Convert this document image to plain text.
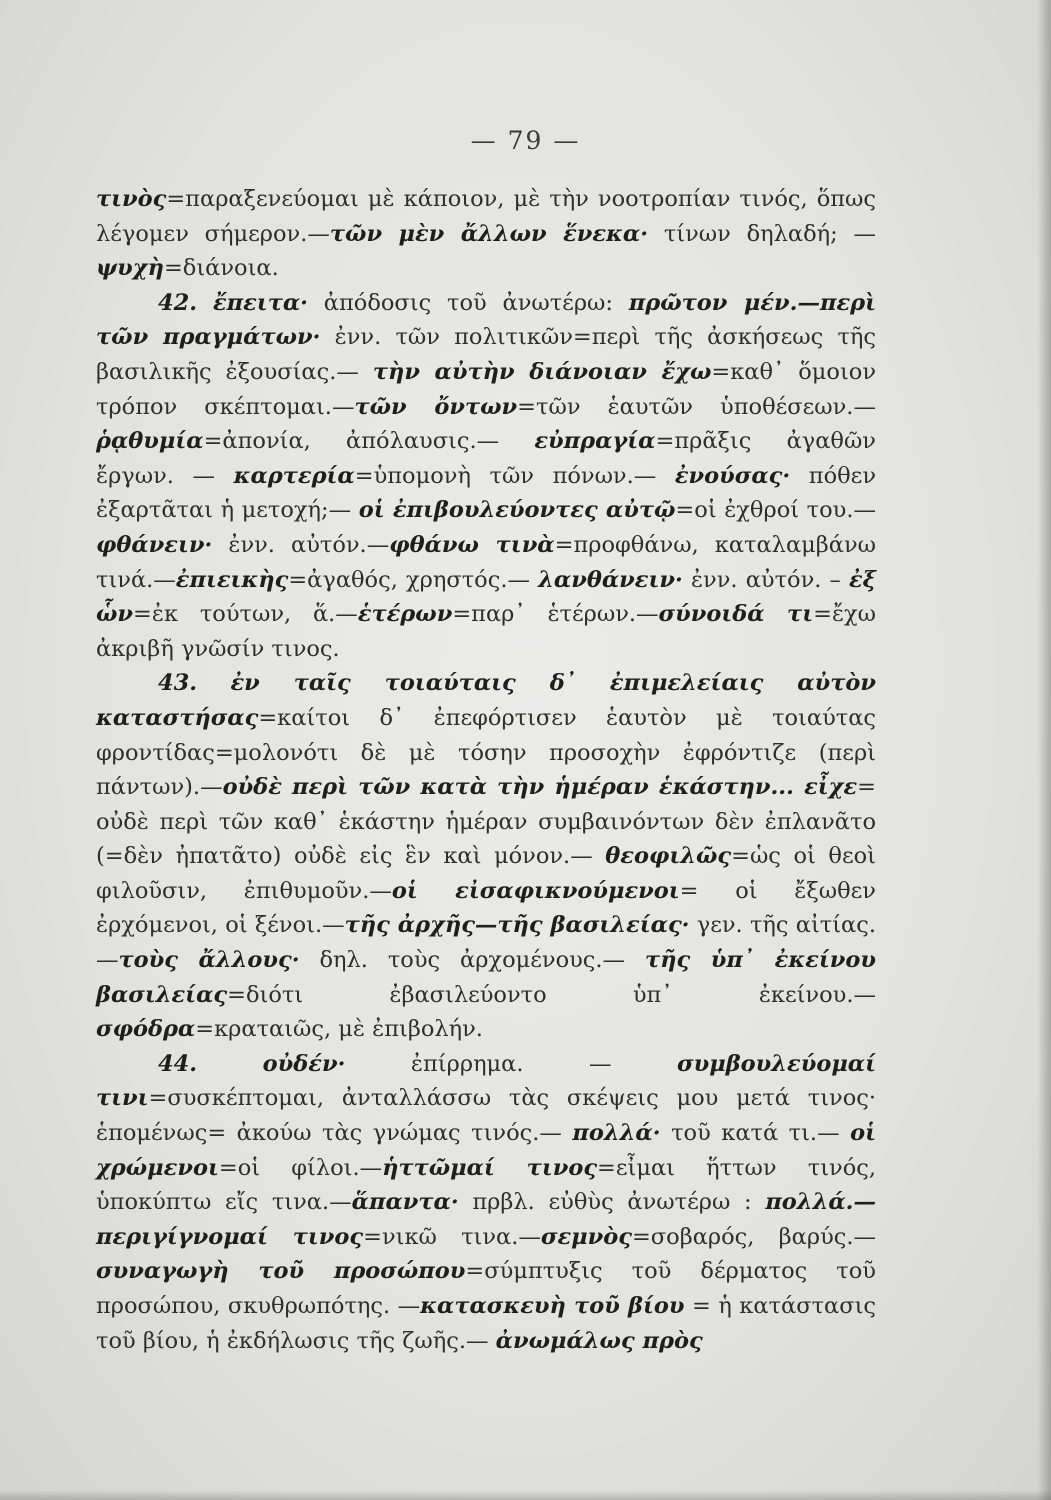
— 79 —

τινὸς=παραξενεύομαι μὲ κάποιον, μὲ τὴν νοοτροπίαν τινός, ὅπως λέγομεν σήμερον.—τῶν μὲν ἄλλων ἕνεκα· τίνων δηλαδή; — ψυχὴ=διάνοια.

42. ἔπειτα· ἀπόδοσις τοῦ ἀνωτέρω: πρῶτον μέν.—περὶ τῶν πραγμάτων· ἐνν. τῶν πολιτικῶν=περὶ τῆς ἀσκήσεως τῆς βασιλικῆς ἐξουσίας.— τὴν αὐτὴν διάνοιαν ἔχω=καθ᾽ ὅμοιον τρόπον σκέπτομαι.—τῶν ὄντων=τῶν ἑαυτῶν ὑποθέσεων.— ῥᾳθυμία=ἀπονία, ἀπόλαυσις.— εὐπραγία=πρᾶξις ἀγαθῶν ἔργων. — καρτερία=ὑπομονὴ τῶν πόνων.— ἐνούσας· πόθεν ἐξαρτᾶται ἡ μετοχή;— οἱ ἐπιβουλεύοντες αὐτῷ=οἱ ἐχθροί του.— φθάνειν· ἐνν. αὐτόν.—φθάνω τινὰ=προφθάνω, καταλαμβάνω τινά.—ἐπιεικὴς=ἀγαθός, χρηστός.— λανθάνειν· ἐνν. αὐτόν. – ἐξ ὧν=ἐκ τούτων, ἅ.—ἑτέρων=παρ᾽ ἑτέρων.—σύνοιδά τι=ἔχω ἀκριβῆ γνῶσίν τινος.

43. ἐν ταῖς τοιαύταις δ᾽ ἐπιμελείαις αὐτὸν καταστήσας=καίτοι δ᾽ ἐπεφόρτισεν ἑαυτὸν μὲ τοιαύτας φροντίδας=μολονότι δὲ μὲ τόσην προσοχὴν ἐφρόντιζε (περὶ πάντων).—οὐδὲ περὶ τῶν κατὰ τὴν ἡμέραν ἑκάστην... εἶχε= οὐδὲ περὶ τῶν καθ᾽ ἑκάστην ἡμέραν συμβαινόντων δὲν ἐπλανᾶτο (=δὲν ἠπατᾶτο) οὐδὲ εἰς ἓν καὶ μόνον.— θεοφιλῶς=ὡς οἱ θεοὶ φιλοῦσιν, ἐπιθυμοῦν.—οἱ εἰσαφικνούμενοι= οἱ ἔξωθεν ἐρχόμενοι, οἱ ξένοι.—τῆς ἀρχῆς—τῆς βασιλείας· γεν. τῆς αἰτίας.—τοὺς ἄλλους· δηλ. τοὺς ἀρχομένους.— τῆς ὑπ᾽ ἐκείνου βασιλείας=διότι ἐβασιλεύοντο ὑπ᾽ ἐκείνου.— σφόδρα=κραταιῶς, μὲ ἐπιβολήν.

44.	οὐδέν· ἐπίρρημα. — συμβουλεύομαί τινι=συσκέπτομαι, ἀνταλλάσσω τὰς σκέψεις μου μετά τινος· ἑπομένως= ἀκούω τὰς γνώμας τινός.— πολλά· τοῦ κατά τι.— οἱ χρώμενοι=οἱ φίλοι.—ἡττῶμαί τινος=εἶμαι ἥττων τινός, ὑποκύπτω εἴς τινα.—ἅπαντα· πρβλ. εὐθὺς ἀνωτέρω : πολλά.—περιγίγνομαί τινος=νικῶ τινα.—σεμνὸς=σοβαρός, βαρύς.— συναγωγὴ τοῦ προσώπου=σύμπτυξις τοῦ δέρματος τοῦ προσώπου, σκυθρωπότης. —κατασκευὴ τοῦ βίου = ἡ κατάστασις τοῦ βίου, ἡ ἐκδήλωσις τῆς ζωῆς.— ἀνωμάλως πρὸς
